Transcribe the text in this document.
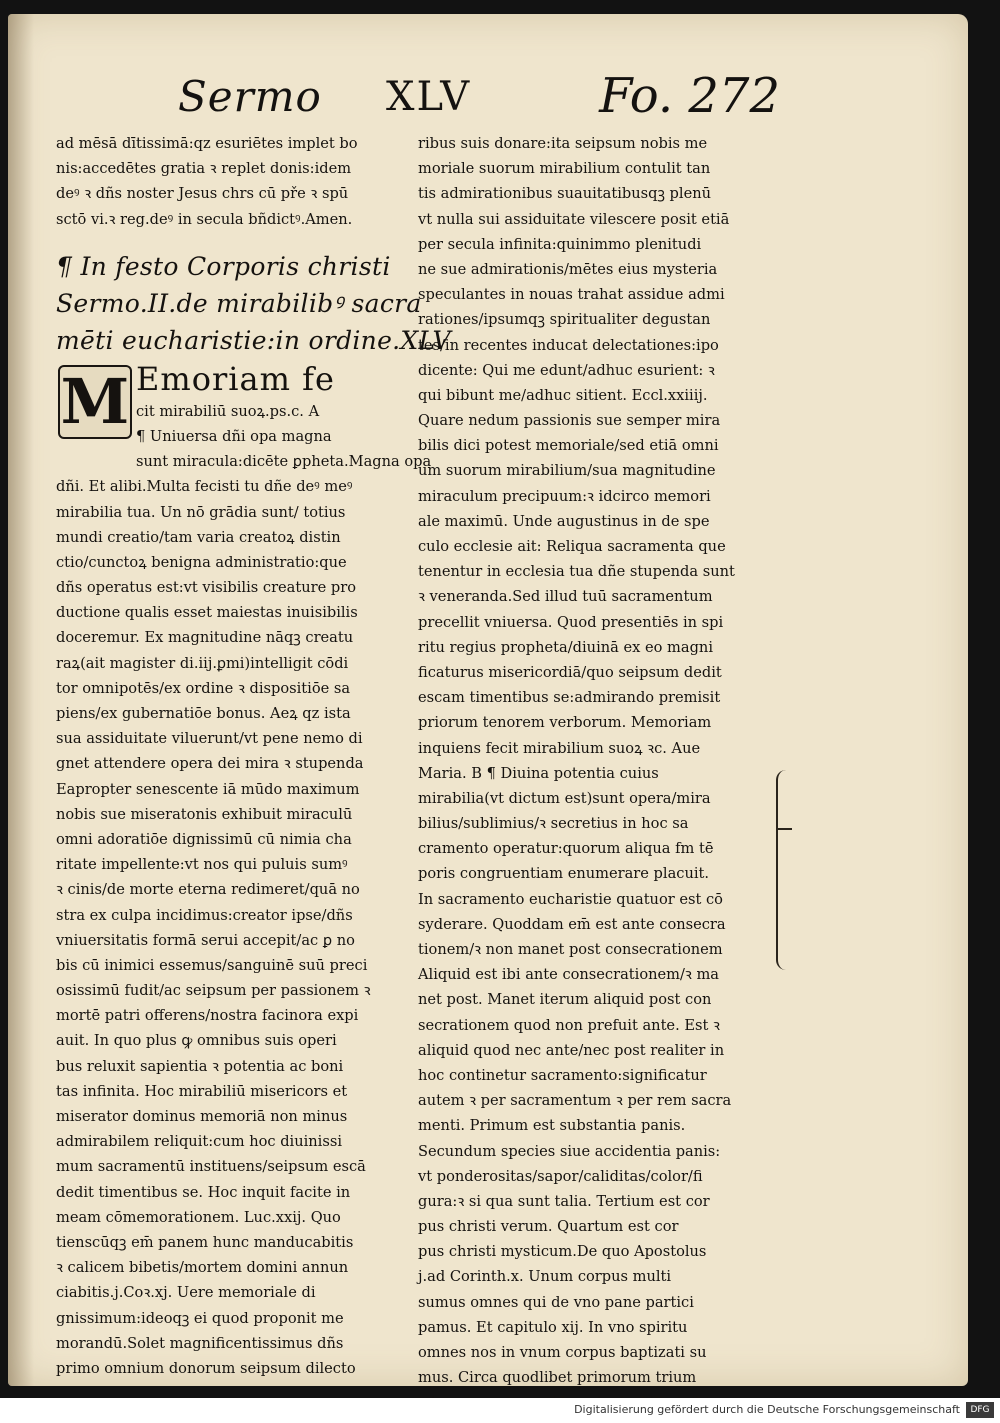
Sermo XLV	Fo. 272
ad mēsā dītissimā:qz esuriētes implet bo
nis:accedētes gratia ꝛ replet donis:idem
deꝰ ꝛ dñs noster Jesus chrs cū pře ꝛ spū
sctō vi.ꝛ reg.deꝰ in secula bñdictꝰ.Amen.
¶ In festo Corporis christi
Sermo.II.de mirabilibꝰ sacra
mēti eucharistie:in ordine.XLV
M Emoriam fe
cit mirabiliū suoꝝ.ps.c. A
¶ Uniuersa dñi opa magna
sunt miracula:dicēte ꝑpheta.Magna opa
dñi. Et alibi.Multa fecisti tu dñe deꝰ meꝰ
mirabilia tua. Un nō grādia sunt/ totius
mundi creatio/tam varia creatoꝝ distin
ctio/cunctoꝝ benigna administratio:que
dñs operatus est:vt visibilis creature pro
ductione qualis esset maiestas inuisibilis
doceremur. Ex magnitudine nāqꝫ creatu
raꝝ(ait magister di.iij.ꝑmi)intelligit cōdi
tor omnipotēs/ex ordine ꝛ dispositiōe sa
piens/ex gubernatiōe bonus. Aeꝝ qz ista
sua assiduitate viluerunt/vt pene nemo di
gnet attendere opera dei mira ꝛ stupenda
Eapropter senescente iā mūdo maximum
nobis sue miseratonis exhibuit miraculū
omni adoratiōe dignissimū cū nimia cha
ritate impellente:vt nos qui puluis sumꝰ
ꝛ cinis/de morte eterna redimeret/quā no
stra ex culpa incidimus:creator ipse/dñs
vniuersitatis formā serui accepit/ac ꝑ no
bis cū inimici essemus/sanguinē suū preci
osissimū fudit/ac seipsum per passionem ꝛ
mortē patri offerens/nostra facinora expi
auit. In quo plus ꝙ omnibus suis operi
bus reluxit sapientia ꝛ potentia ac boni
tas infinita. Hoc mirabiliū misericors et
miserator dominus memoriā non minus
admirabilem reliquit:cum hoc diuinissi
mum sacramentū instituens/seipsum escā
dedit timentibus se. Hoc inquit facite in
meam cōmemorationem. Luc.xxij. Quo
tienscūqꝫ em̄ panem hunc manducabitis
ꝛ calicem bibetis/mortem domini annun
ciabitis.j.Coꝛ.xj. Uere memoriale di
gnissimum:ideoqꝫ ei quod proponit me
morandū.Solet magnificentissimus dñs
primo omnium donorum seipsum dilecto
ribus suis donare:ita seipsum nobis me
moriale suorum mirabilium contulit tan
tis admirationibus suauitatibusqꝫ plenū
vt nulla sui assiduitate vilescere posit etiā
per secula infinita:quinimmo plenitudi
ne sue admirationis/mētes eius mysteria
speculantes in nouas trahat assidue admi
rationes/ipsumqꝫ spiritualiter degustan
tes/in recentes inducat delectationes:ipo
dicente: Qui me edunt/adhuc esurient: ꝛ
qui bibunt me/adhuc sitient. Eccl.xxiiij.
Quare nedum passionis sue semper mira
bilis dici potest memoriale/sed etiā omni
um suorum mirabilium/sua magnitudine
miraculum precipuum:ꝛ idcirco memori
ale maximū. Unde augustinus in de spe
culo ecclesie ait: Reliqua sacramenta que
tenentur in ecclesia tua dñe stupenda sunt
ꝛ veneranda.Sed illud tuū sacramentum
precellit vniuersa. Quod presentiēs in spi
ritu regius propheta/diuinā ex eo magni
ficaturus misericordiā/quo seipsum dedit
escam timentibus se:admirando premisit
priorum tenorem verborum. Memoriam
inquiens fecit mirabilium suoꝝ ꝛc. Aue
Maria. B ¶ Diuina potentia cuius
mirabilia(vt dictum est)sunt opera/mira
bilius/sublimius/ꝛ secretius in hoc sa
cramento operatur:quorum aliqua fm tē
poris congruentiam enumerare placuit.
In sacramento eucharistie quatuor est cō
syderare. Quoddam em̄ est ante consecra
tionem/ꝛ non manet post consecrationem
Aliquid est ibi ante consecrationem/ꝛ ma
net post. Manet iterum aliquid post con
secrationem quod non prefuit ante. Est ꝛ
aliquid quod nec ante/nec post realiter in
hoc continetur sacramento:significatur
autem ꝛ per sacramentum ꝛ per rem sacra
menti. Primum est substantia panis.
Secundum species siue accidentia panis:
vt ponderositas/sapor/caliditas/color/fi
gura:ꝛ si qua sunt talia. Tertium est cor
pus christi verum. Quartum est cor
pus christi mysticum.De quo Apostolus
j.ad Corinth.x. Unum corpus multi
sumus omnes qui de vno pane partici
pamus. Et capitulo xij. In vno spiritu
omnes nos in vnum corpus baptizati su
mus. Circa quodlibet primorum trium
Digitalisierung gefördert durch die Deutsche Forschungsgemeinschaft	DFG
